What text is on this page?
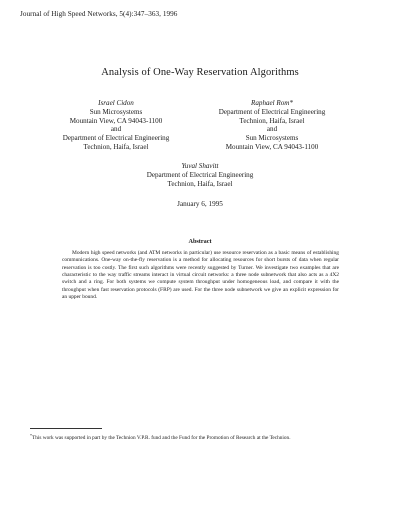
Journal of High Speed Networks, 5(4):347–363, 1996
Analysis of One-Way Reservation Algorithms
Israel Cidon
Sun Microsystems
Mountain View, CA 94043-1100
and
Department of Electrical Engineering
Technion, Haifa, Israel
Raphael Rom*
Department of Electrical Engineering
Technion, Haifa, Israel
and
Sun Microsystems
Mountain View, CA 94043-1100
Yuval Shavitt
Department of Electrical Engineering
Technion, Haifa, Israel
January 6, 1995
Abstract

Modern high speed networks (and ATM networks in particular) use resource reservation as a basic means of establishing communications. One-way on-the-fly reservation is a method for allocating resources for short bursts of data when regular reservation is too costly. The first such algorithms were recently suggested by Turner. We investigate two examples that are characteristic to the way traffic streams interact in virtual circuit networks: a three node subnetwork that also acts as a 4X2 switch and a ring. For both systems we compute system throughput under homogeneous load, and compare it with the throughput when fast reservation protocols (FRP) are used. For the three node subnetwork we give an explicit expression for an upper bound.

*This work was supported in part by the Technion V.P.R. fund and the Fund for the Promotion of Research at the Technion.
